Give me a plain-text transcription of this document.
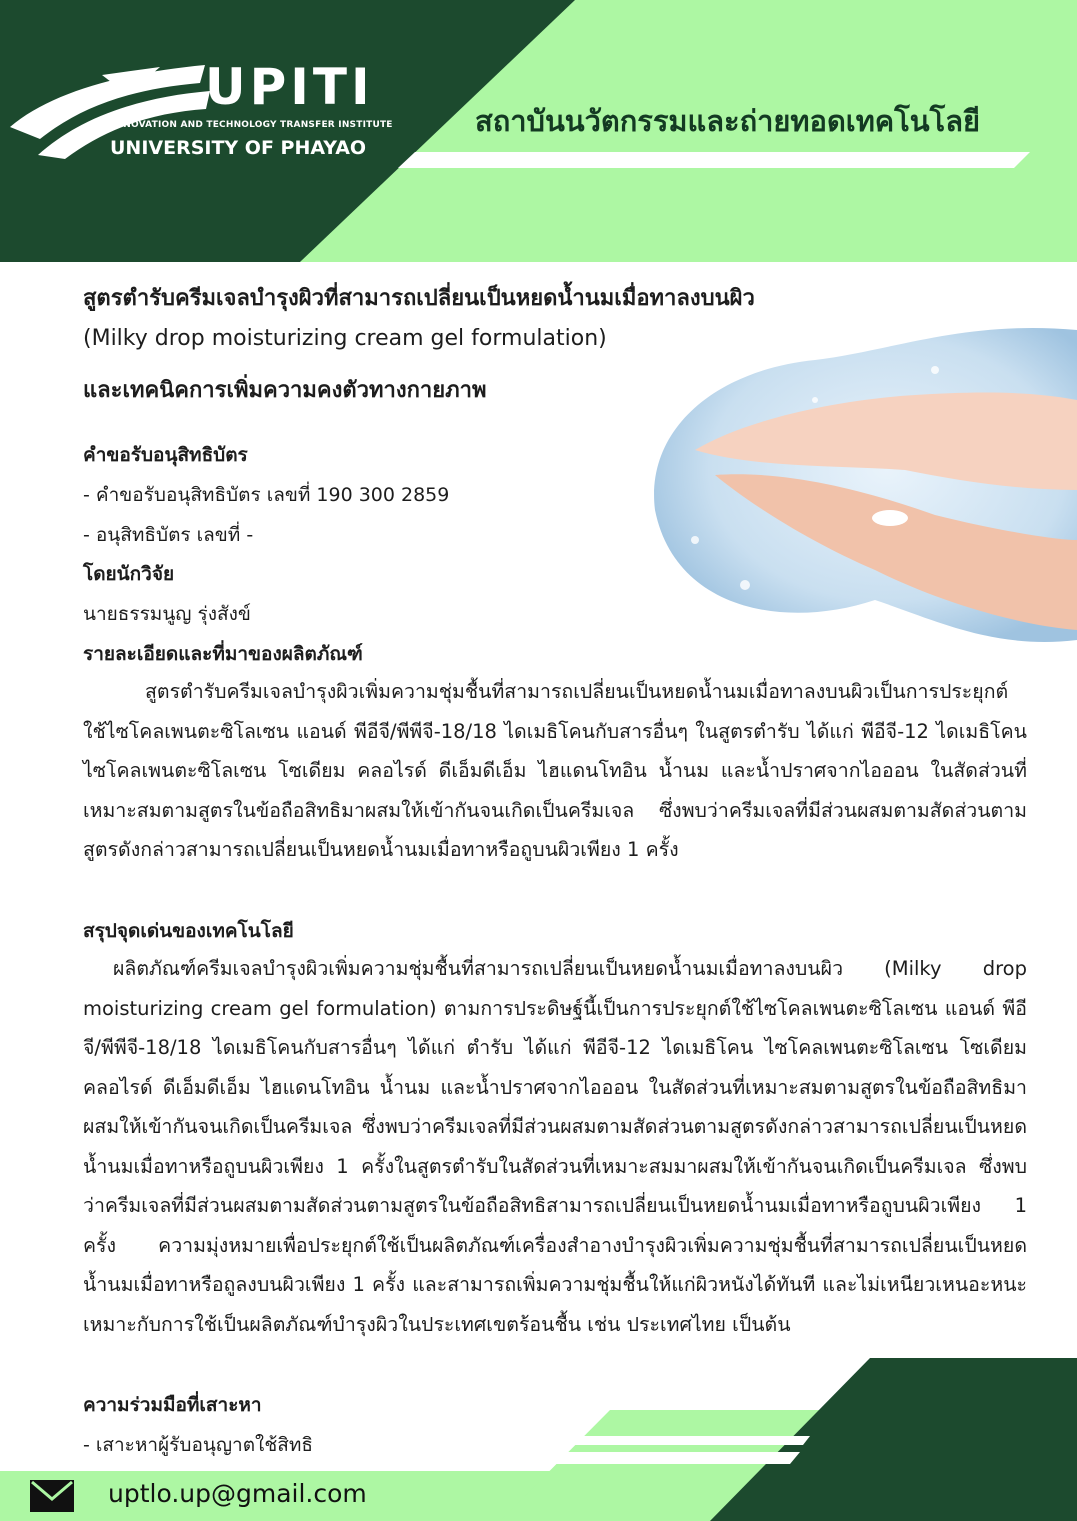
UPITI
INNOVATION AND TECHNOLOGY TRANSFER INSTITUTE
UNIVERSITY OF PHAYAO
สถาบันนวัตกรรมและถ่ายทอดเทคโนโลยี
สูตรตำรับครีมเจลบำรุงผิวที่สามารถเปลี่ยนเป็นหยดน้ำนมเมื่อทาลงบนผิว
(Milky drop moisturizing cream gel formulation)
และเทคนิคการเพิ่มความคงตัวทางกายภาพ
คำขอรับอนุสิทธิบัตร
- คำขอรับอนุสิทธิบัตร เลขที่ 190 300 2859
- อนุสิทธิบัตร เลขที่ -
โดยนักวิจัย
นายธรรมนูญ รุ่งสังข์
รายละเอียดและที่มาของผลิตภัณฑ์
สูตรตำรับครีมเจลบำรุงผิวเพิ่มความชุ่มชื้นที่สามารถเปลี่ยนเป็นหยดน้ำนมเมื่อทาลงบนผิวเป็นการประยุกต์ใช้ไซโคลเพนตะซิโลเซน แอนด์ พีอีจี/พีพีจี-18/18 ไดเมธิโคนกับสารอื่นๆ ในสูตรตำรับ ได้แก่ พีอีจี-12 ไดเมธิโคน ไซโคลเพนตะซิโลเซน โซเดียม คลอไรด์ ดีเอ็มดีเอ็ม ไฮแดนโทอิน น้ำนม และน้ำปราศจากไอออน ในสัดส่วนที่เหมาะสมตามสูตรในข้อถือสิทธิมาผสมให้เข้ากันจนเกิดเป็นครีมเจล ซึ่งพบว่าครีมเจลที่มีส่วนผสมตามสัดส่วนตามสูตรดังกล่าวสามารถเปลี่ยนเป็นหยดน้ำนมเมื่อทาหรือถูบนผิวเพียง 1 ครั้ง
สรุปจุดเด่นของเทคโนโลยี
ผลิตภัณฑ์ครีมเจลบำรุงผิวเพิ่มความชุ่มชื้นที่สามารถเปลี่ยนเป็นหยดน้ำนมเมื่อทาลงบนผิว (Milky drop moisturizing cream gel formulation) ตามการประดิษฐ์นี้เป็นการประยุกต์ใช้ไซโคลเพนตะซิโลเซน แอนด์ พีอีจี/พีพีจี-18/18 ไดเมธิโคนกับสารอื่นๆ ได้แก่ ตำรับ ได้แก่ พีอีจี-12 ไดเมธิโคน ไซโคลเพนตะซิโลเซน โซเดียม คลอไรด์ ดีเอ็มดีเอ็ม ไฮแดนโทอิน น้ำนม และน้ำปราศจากไอออน ในสัดส่วนที่เหมาะสมตามสูตรในข้อถือสิทธิมาผสมให้เข้ากันจนเกิดเป็นครีมเจล ซึ่งพบว่าครีมเจลที่มีส่วนผสมตามสัดส่วนตามสูตรดังกล่าวสามารถเปลี่ยนเป็นหยดน้ำนมเมื่อทาหรือถูบนผิวเพียง 1 ครั้งในสูตรตำรับในสัดส่วนที่เหมาะสมมาผสมให้เข้ากันจนเกิดเป็นครีมเจล ซึ่งพบว่าครีมเจลที่มีส่วนผสมตามสัดส่วนตามสูตรในข้อถือสิทธิสามารถเปลี่ยนเป็นหยดน้ำนมเมื่อทาหรือถูบนผิวเพียง 1 ครั้ง ความมุ่งหมายเพื่อประยุกต์ใช้เป็นผลิตภัณฑ์เครื่องสำอางบำรุงผิวเพิ่มความชุ่มชื้นที่สามารถเปลี่ยนเป็นหยดน้ำนมเมื่อทาหรือถูลงบนผิวเพียง 1 ครั้ง และสามารถเพิ่มความชุ่มชื้นให้แก่ผิวหนังได้ทันที และไม่เหนียวเหนอะหนะ เหมาะกับการใช้เป็นผลิตภัณฑ์บำรุงผิวในประเทศเขตร้อนชื้น เช่น ประเทศไทย เป็นต้น
ความร่วมมือที่เสาะหา
- เสาะหาผู้รับอนุญาตใช้สิทธิ
uptlo.up@gmail.com
